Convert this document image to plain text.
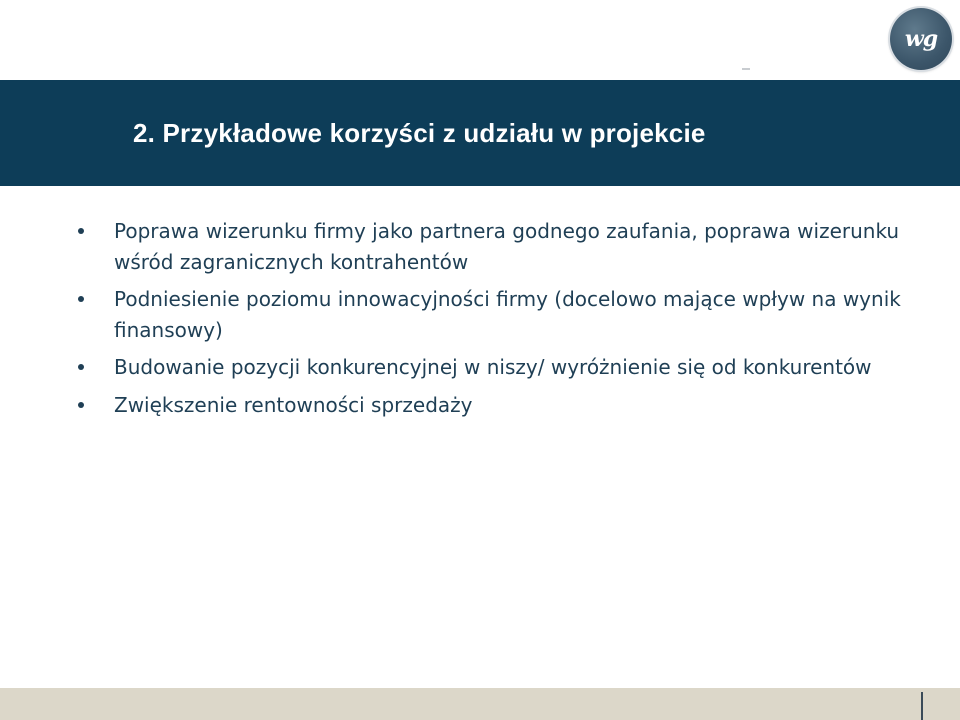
wg
2. Przykładowe korzyści z udziału w projekcie
Poprawa wizerunku firmy jako partnera godnego zaufania, poprawa wizerunku wśród zagranicznych kontrahentów
Podniesienie poziomu innowacyjności firmy (docelowo mające wpływ na wynik finansowy)
Budowanie pozycji konkurencyjnej w niszy/ wyróżnienie się od konkurentów
Zwiększenie rentowności sprzedaży
